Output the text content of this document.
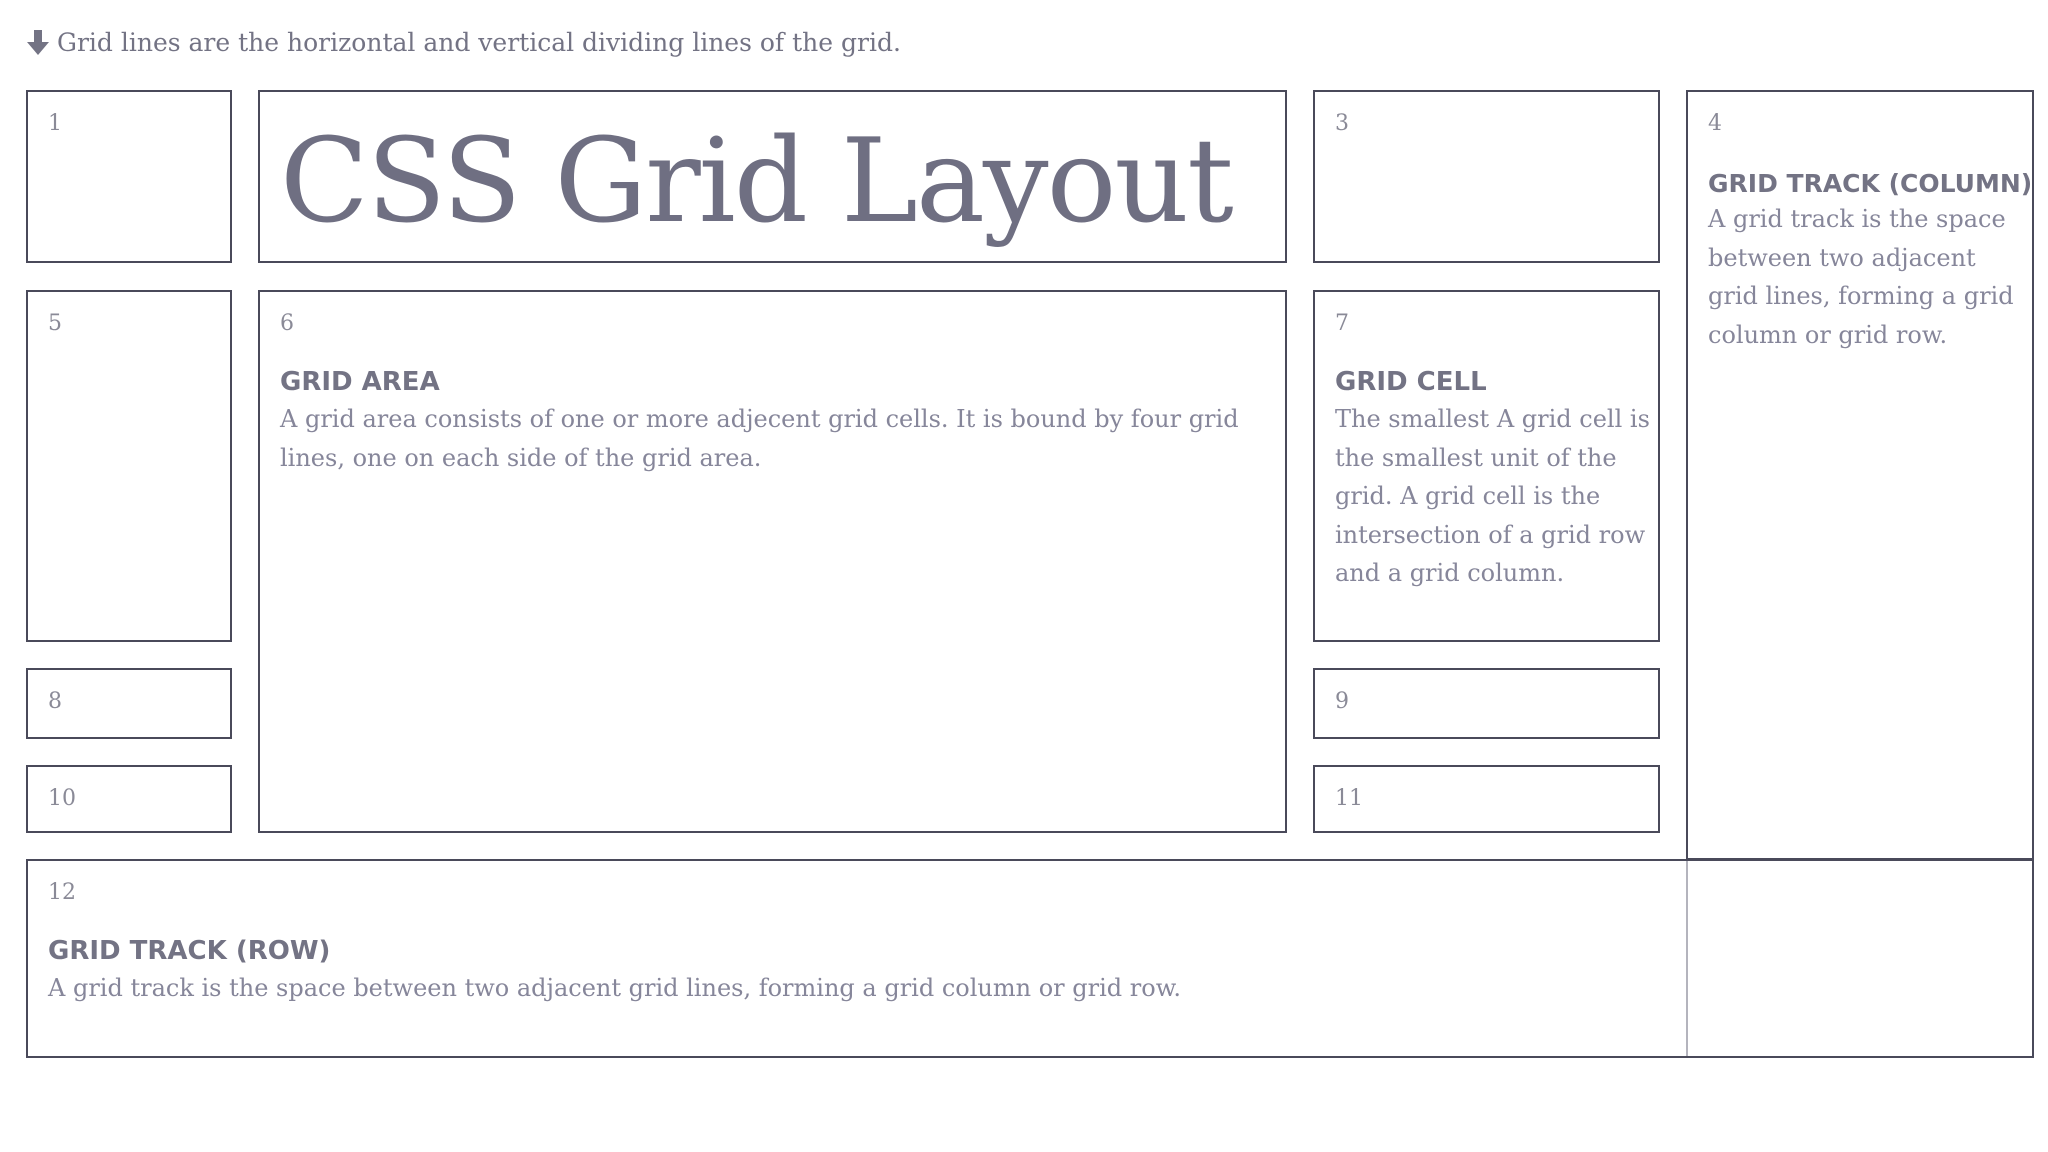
Grid lines are the horizontal and vertical dividing lines of the grid.
1 CSS Grid Layout	3	4
GRID TRACK (COLUMN)
A grid track is the space between two adjacent grid lines, forming a grid column or grid row.
5	6
GRID AREA
A grid area consists of one or more adjecent grid cells. It is bound by four grid lines, one on each side of the grid area.
7
GRID CELL
The smallest A grid cell is the smallest unit of the grid. A grid cell is the intersection of a grid row and a grid column.
8	9
10	11
12
GRID TRACK (ROW)
A grid track is the space between two adjacent grid lines, forming a grid column or grid row.
